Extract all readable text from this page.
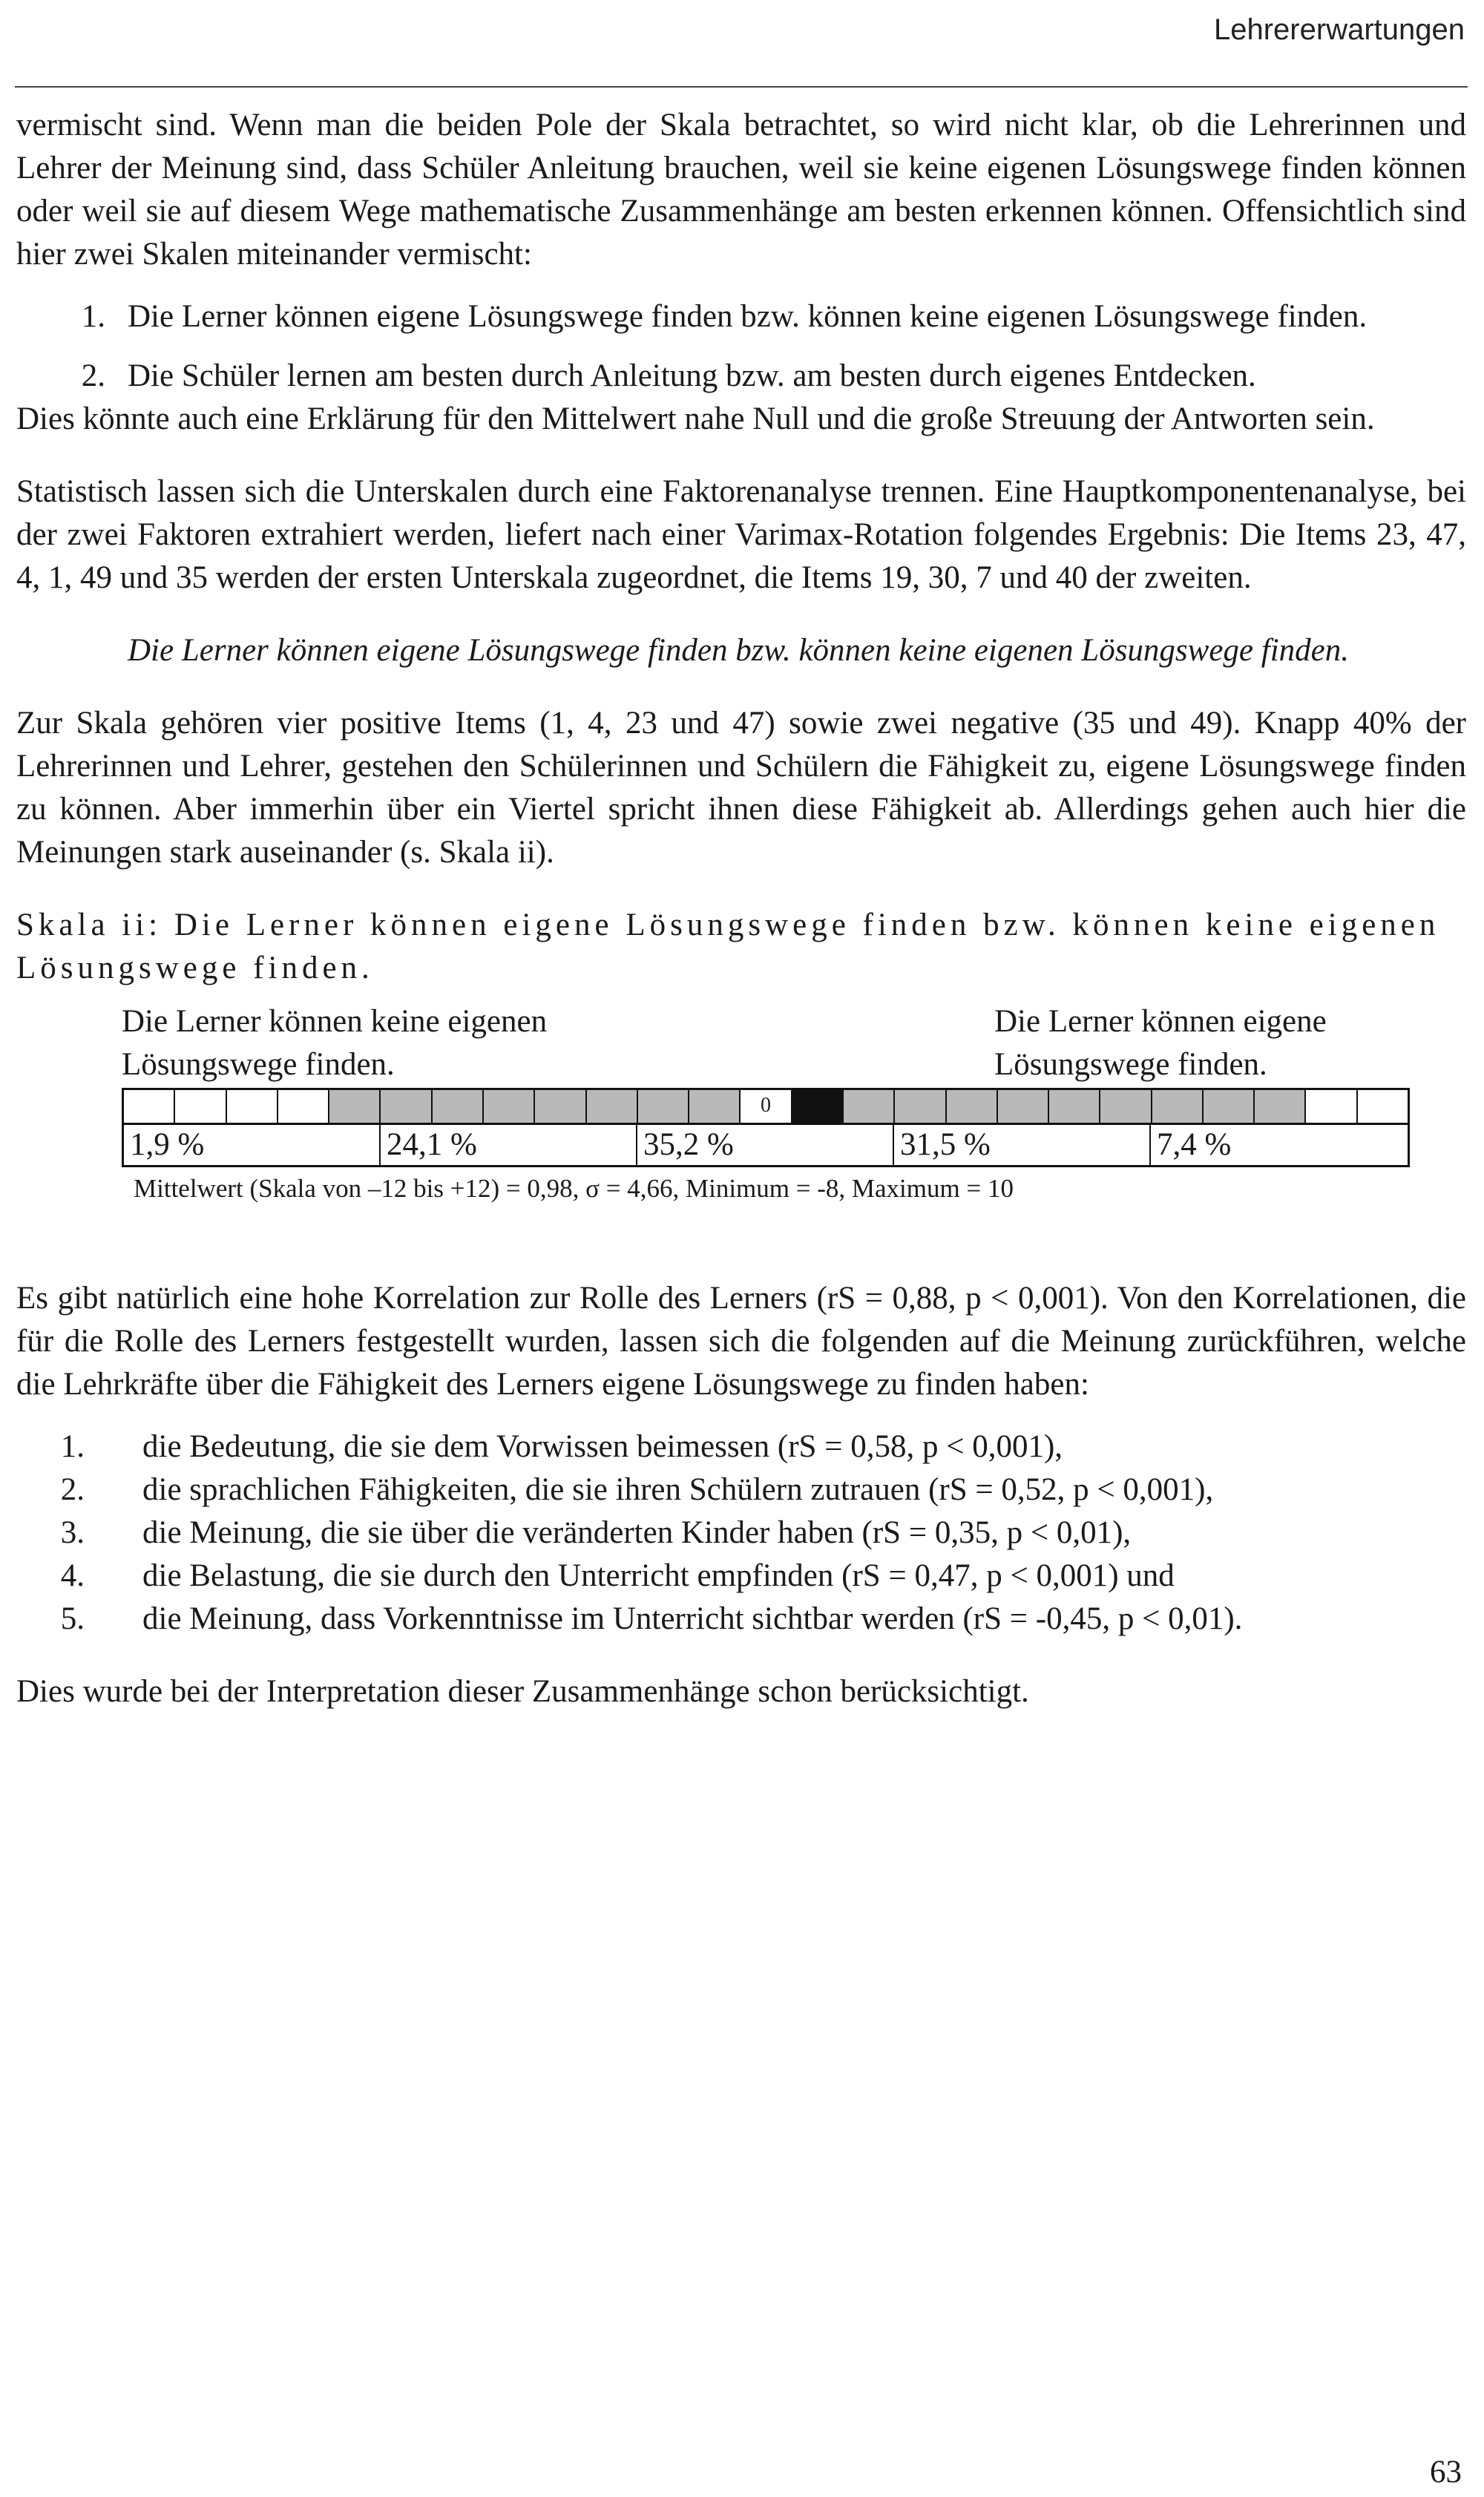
Lehrererwartungen

vermischt sind. Wenn man die beiden Pole der Skala betrachtet, so wird nicht klar, ob die Lehrerinnen und Lehrer der Meinung sind, dass Schüler Anleitung brauchen, weil sie keine eigenen Lösungswege finden können oder weil sie auf diesem Wege mathematische Zusammenhänge am besten erkennen können. Offensichtlich sind hier zwei Skalen miteinander vermischt:

1. Die Lerner können eigene Lösungswege finden bzw. können keine eigenen Lösungswege finden.
2. Die Schüler lernen am besten durch Anleitung bzw. am besten durch eigenes Entdecken.

Dies könnte auch eine Erklärung für den Mittelwert nahe Null und die große Streuung der Antworten sein.

Statistisch lassen sich die Unterskalen durch eine Faktorenanalyse trennen. Eine Hauptkomponentenanalyse, bei der zwei Faktoren extrahiert werden, liefert nach einer Varimax-Rotation folgendes Ergebnis: Die Items 23, 47, 4, 1, 49 und 35 werden der ersten Unterskala zugeordnet, die Items 19, 30, 7 und 40 der zweiten.

Die Lerner können eigene Lösungswege finden bzw. können keine eigenen Lösungswege finden.

Zur Skala gehören vier positive Items (1, 4, 23 und 47) sowie zwei negative (35 und 49). Knapp 40% der Lehrerinnen und Lehrer, gestehen den Schülerinnen und Schülern die Fähigkeit zu, eigene Lösungswege finden zu können. Aber immerhin über ein Viertel spricht ihnen diese Fähigkeit ab. Allerdings gehen auch hier die Meinungen stark auseinander (s. Skala ii).

Skala ii: Die Lerner können eigene Lösungswege finden bzw. können keine eigenen Lösungswege finden.
Die Lerner können keine eigenen Lösungswege finden.
Die Lerner können eigene Lösungswege finden.
0
1,9 %	24,1 %	35,2 %	31,5 %	7,4 %
Mittelwert (Skala von –12 bis +12) = 0,98, σ = 4,66, Minimum = -8, Maximum = 10

Es gibt natürlich eine hohe Korrelation zur Rolle des Lerners (rS = 0,88, p < 0,001). Von den Korrelationen, die für die Rolle des Lerners festgestellt wurden, lassen sich die folgenden auf die Meinung zurückführen, welche die Lehrkräfte über die Fähigkeit des Lerners eigene Lösungswege zu finden haben:

1.	die Bedeutung, die sie dem Vorwissen beimessen (rS = 0,58, p < 0,001),
2.	die sprachlichen Fähigkeiten, die sie ihren Schülern zutrauen (rS = 0,52, p < 0,001),
3.	die Meinung, die sie über die veränderten Kinder haben (rS = 0,35, p < 0,01),
4.	die Belastung, die sie durch den Unterricht empfinden (rS = 0,47, p < 0,001) und
5.	die Meinung, dass Vorkenntnisse im Unterricht sichtbar werden (rS = -0,45, p < 0,01).

Dies wurde bei der Interpretation dieser Zusammenhänge schon berücksichtigt.

63
